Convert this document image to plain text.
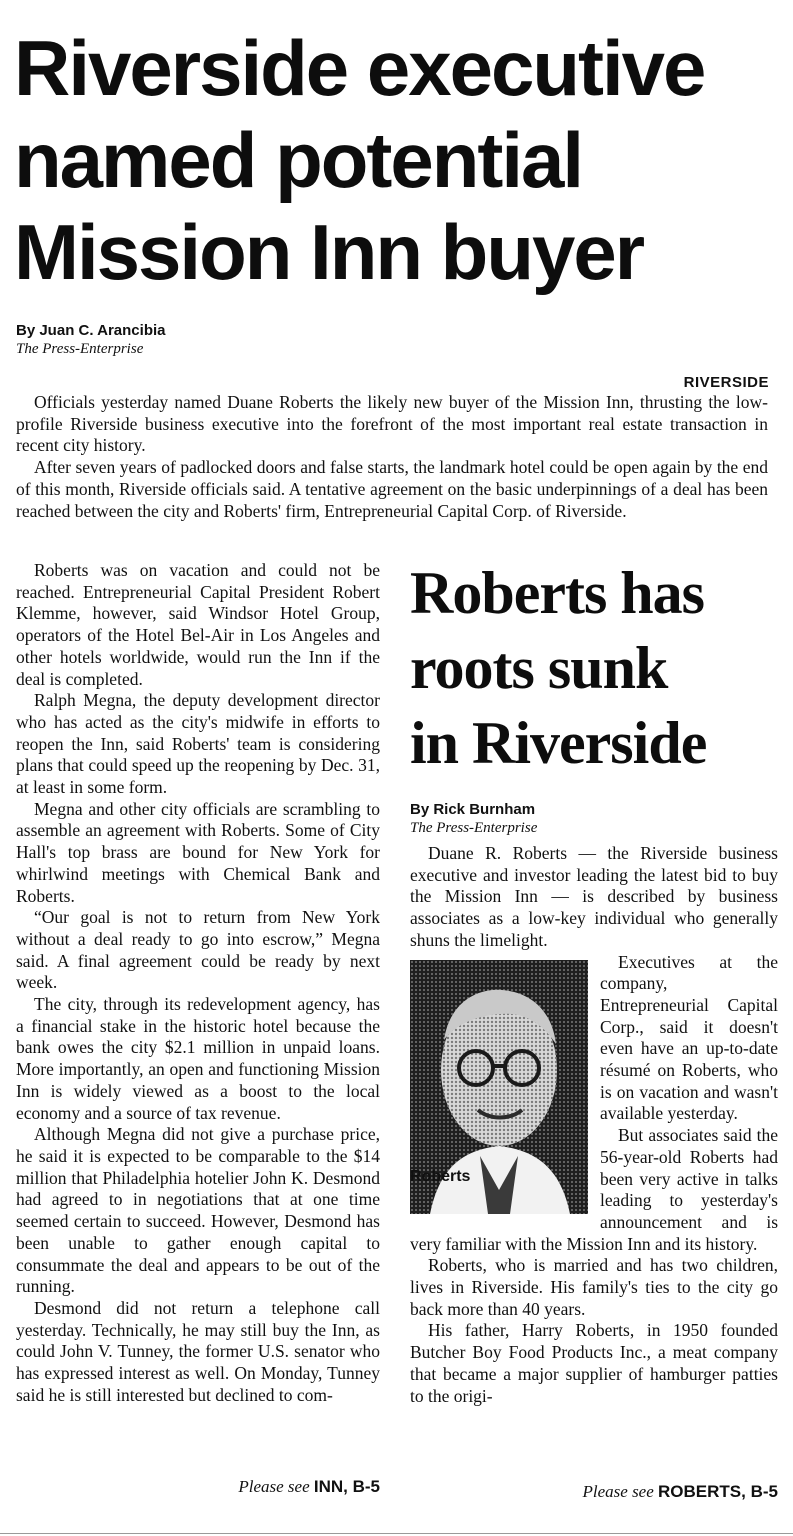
Riverside executive
named potential
Mission Inn buyer
By Juan C. Arancibia
The Press-Enterprise
RIVERSIDE

Officials yesterday named Duane Roberts the likely new buyer of the Mission Inn, thrusting the low-profile Riverside business executive into the forefront of the most important real estate transaction in recent city history.

After seven years of padlocked doors and false starts, the landmark hotel could be open again by the end of this month, Riverside officials said. A tentative agreement on the basic underpinnings of a deal has been reached between the city and Roberts' firm, Entrepreneurial Capital Corp. of Riverside.

Roberts was on vacation and could not be reached. Entrepreneurial Capital President Robert Klemme, however, said Windsor Hotel Group, operators of the Hotel Bel-Air in Los Angeles and other hotels worldwide, would run the Inn if the deal is completed.

Ralph Megna, the deputy development director who has acted as the city's midwife in efforts to reopen the Inn, said Roberts' team is considering plans that could speed up the reopening by Dec. 31, at least in some form.

Megna and other city officials are scrambling to assemble an agreement with Roberts. Some of City Hall's top brass are bound for New York for whirlwind meetings with Chemical Bank and Roberts.

“Our goal is not to return from New York without a deal ready to go into escrow,” Megna said. A final agreement could be ready by next week.

The city, through its redevelopment agency, has a financial stake in the historic hotel because the bank owes the city $2.1 million in unpaid loans. More importantly, an open and functioning Mission Inn is widely viewed as a boost to the local economy and a source of tax revenue.

Although Megna did not give a purchase price, he said it is expected to be comparable to the $14 million that Philadelphia hotelier John K. Desmond had agreed to in negotiations that at one time seemed certain to succeed. However, Desmond has been unable to gather enough capital to consummate the deal and appears to be out of the running.

Desmond did not return a telephone call yesterday. Technically, he may still buy the Inn, as could John V. Tunney, the former U.S. senator who has expressed interest as well. On Monday, Tunney said he is still interested but declined to com-

Please see INN, B-5

Roberts has
roots sunk
in Riverside
By Rick Burnham
The Press-Enterprise

Duane R. Roberts — the Riverside business executive and investor leading the latest bid to buy the Mission Inn — is described by business associates as a low-key individual who generally shuns the limelight.

Executives at the company, Entrepreneurial Capital Corp., said it doesn't even have an up-to-date résumé on Roberts, who is on vacation and wasn't available yesterday.

But associates said the 56-year-old Roberts had been very active in talks leading to yesterday's announcement and is very familiar with the Mission Inn and its history.

Roberts, who is married and has two children, lives in Riverside. His family's ties to the city go back more than 40 years.

His father, Harry Roberts, in 1950 founded Butcher Boy Food Products Inc., a meat company that became a major supplier of hamburger patties to the origi-

Please see ROBERTS, B-5

Roberts
